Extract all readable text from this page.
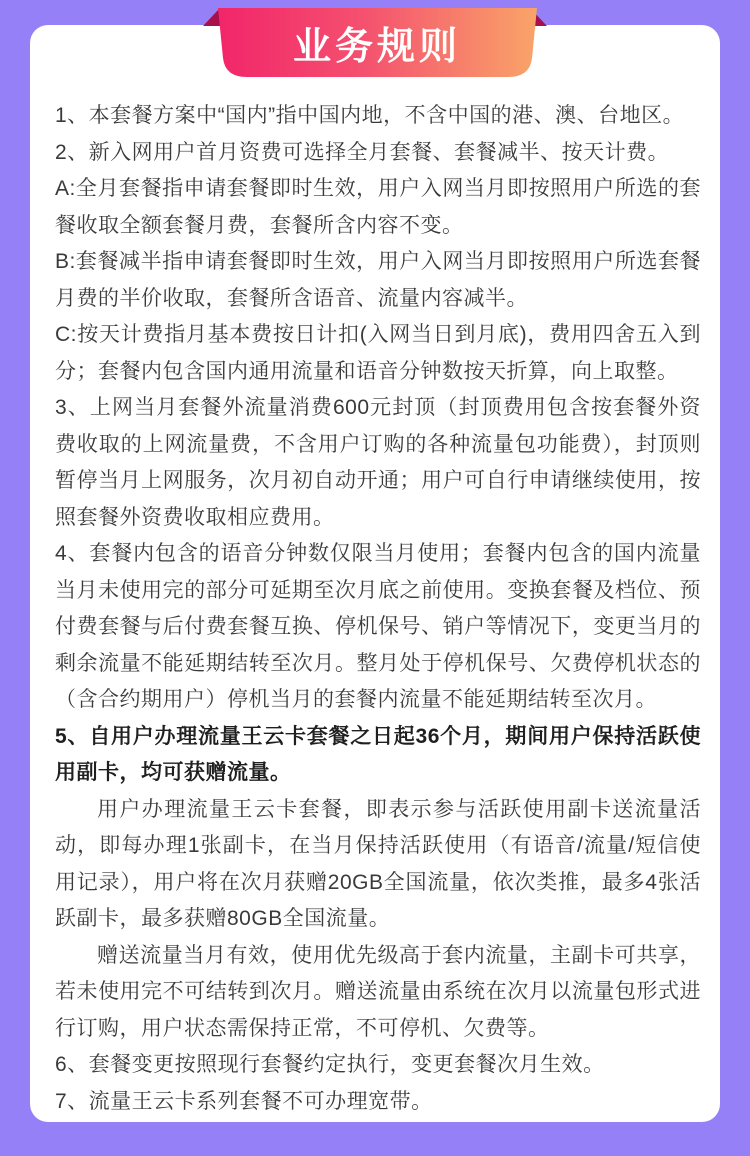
业务规则

1、本套餐方案中“国内”指中国内地，不含中国的港、澳、台地区。

2、新入网用户首月资费可选择全月套餐、套餐减半、按天计费。

A:全月套餐指申请套餐即时生效，用户入网当月即按照用户所选的套餐收取全额套餐月费，套餐所含内容不变。

B:套餐减半指申请套餐即时生效，用户入网当月即按照用户所选套餐月费的半价收取，套餐所含语音、流量内容减半。

C:按天计费指月基本费按日计扣(入网当日到月底)，费用四舍五入到分；套餐内包含国内通用流量和语音分钟数按天折算，向上取整。

3、上网当月套餐外流量消费600元封顶（封顶费用包含按套餐外资费收取的上网流量费，不含用户订购的各种流量包功能费），封顶则暂停当月上网服务，次月初自动开通；用户可自行申请继续使用，按照套餐外资费收取相应费用。

4、套餐内包含的语音分钟数仅限当月使用；套餐内包含的国内流量当月未使用完的部分可延期至次月底之前使用。变换套餐及档位、预付费套餐与后付费套餐互换、停机保号、销户等情况下，变更当月的剩余流量不能延期结转至次月。整月处于停机保号、欠费停机状态的（含合约期用户）停机当月的套餐内流量不能延期结转至次月。

5、自用户办理流量王云卡套餐之日起36个月，期间用户保持活跃使用副卡，均可获赠流量。

用户办理流量王云卡套餐，即表示参与活跃使用副卡送流量活动，即每办理1张副卡，在当月保持活跃使用（有语音/流量/短信使用记录），用户将在次月获赠20GB全国流量，依次类推，最多4张活跃副卡，最多获赠80GB全国流量。

赠送流量当月有效，使用优先级高于套内流量，主副卡可共享，若未使用完不可结转到次月。赠送流量由系统在次月以流量包形式进行订购，用户状态需保持正常，不可停机、欠费等。

6、套餐变更按照现行套餐约定执行，变更套餐次月生效。

7、流量王云卡系列套餐不可办理宽带。
